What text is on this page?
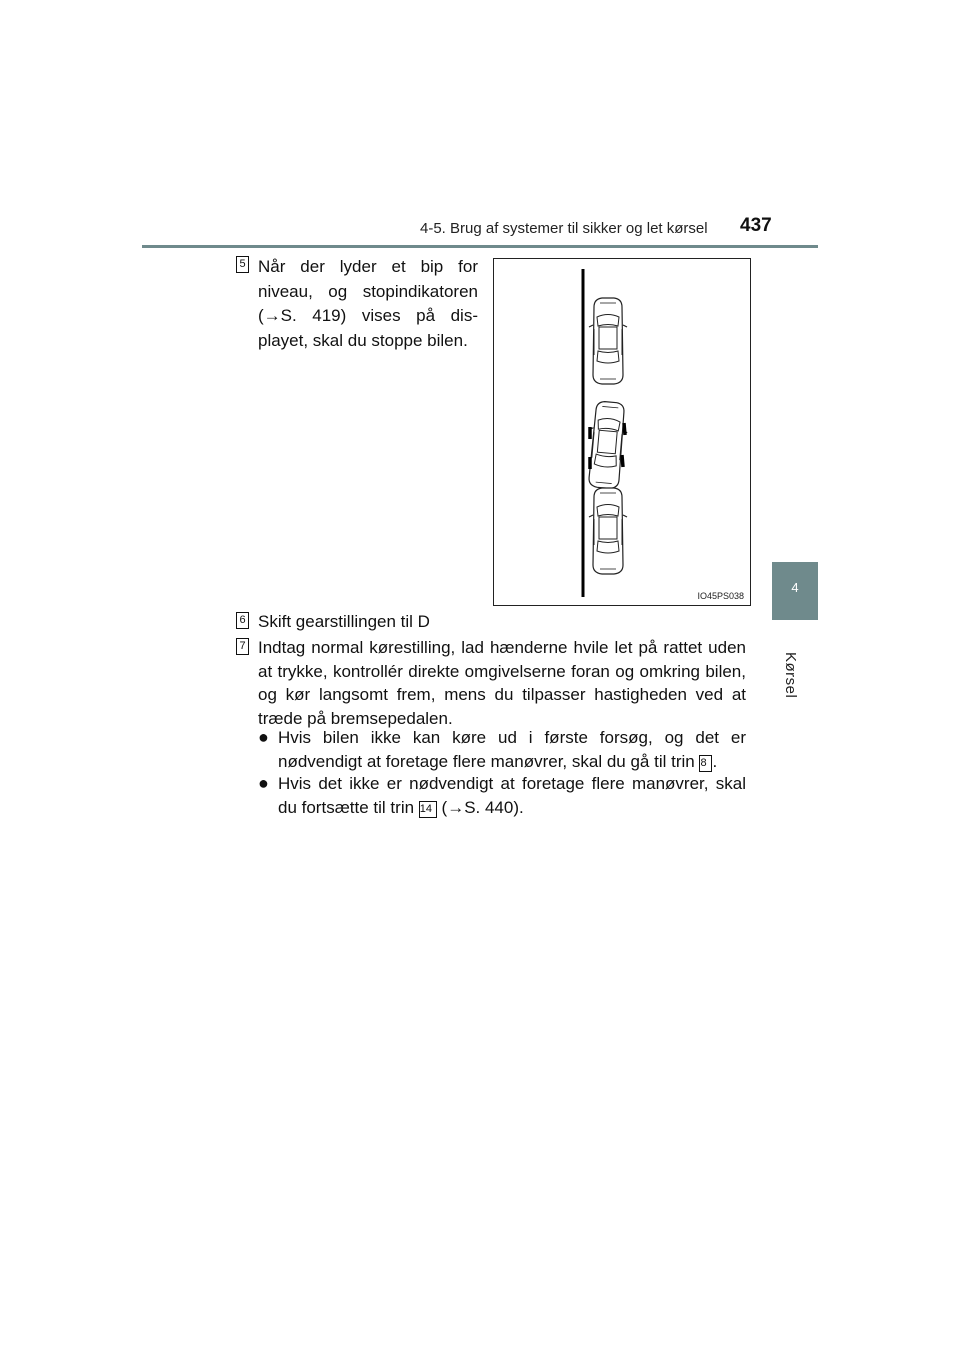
4-5. Brug af systemer til sikker og let kørsel 437
4
Kørsel
5 Når der lyder et bip for niveau, og stopindikatoren (→S. 419) vises på dis-playet, skal du stoppe bilen.
IO45PS038
6 Skift gearstillingen til D
7 Indtag normal kørestilling, lad hænderne hvile let på rattet uden at trykke, kontrollér direkte omgivelserne foran og omkring bilen, og kør langsomt frem, mens du tilpasser hastigheden ved at træde på bremsepedalen.
● Hvis bilen ikke kan køre ud i første forsøg, og det er nødvendigt at foretage flere manøvrer, skal du gå til trin 8 .
● Hvis det ikke er nødvendigt at foretage flere manøvrer, skal du fortsætte til trin 14 (→S. 440).
